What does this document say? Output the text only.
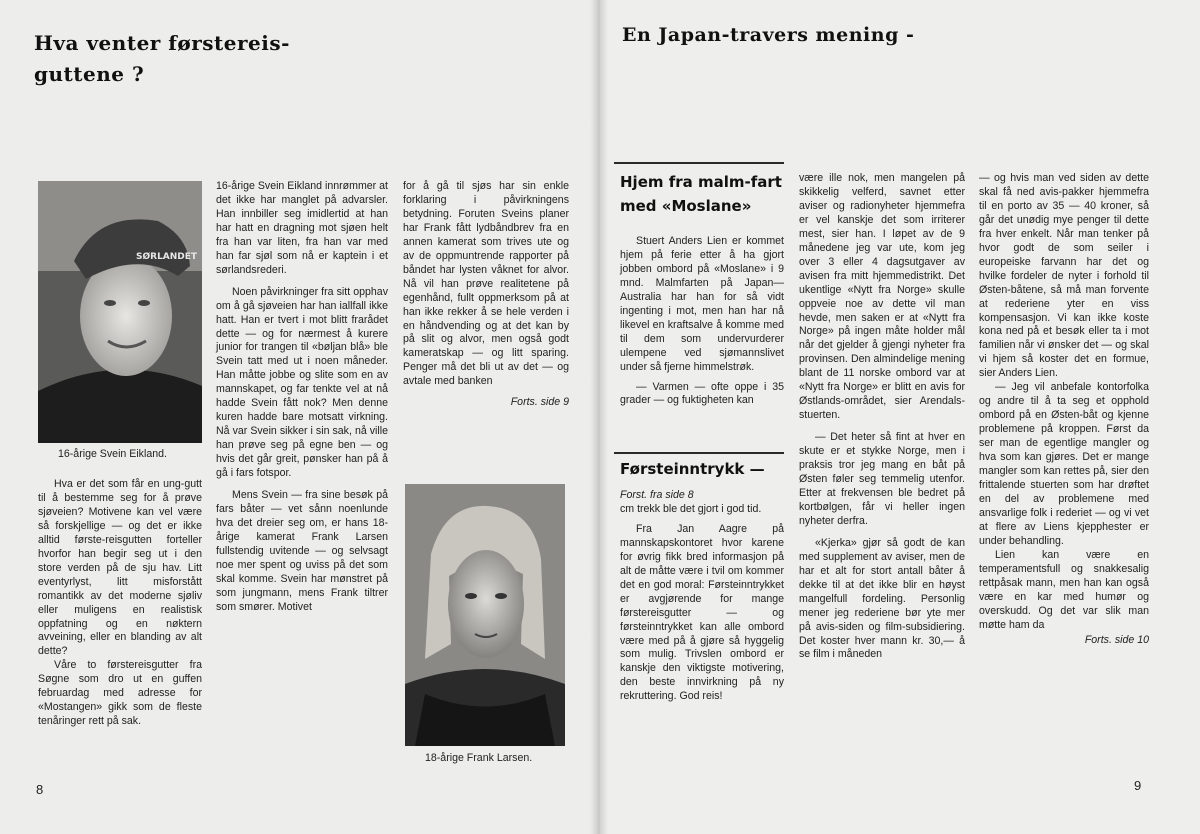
Hva venter førstereis-
guttene ?
SØRLANDET
16-årige Svein Eikland.

Hva er det som får en ung-gutt til å bestemme seg for å prøve sjøveien? Motivene kan vel være så forskjellige — og det er ikke alltid første-reisgutten forteller hvorfor han begir seg ut i den store verden på de sju hav. Litt eventyrlyst, litt misforstått romantikk av det moderne sjøliv eller muligens en realistisk oppfatning og en nøktern avveining, eller en blanding av alt dette?

Våre to førstereisgutter fra Søgne som dro ut en guffen februardag med adresse for «Mostangen» gikk som de fleste tenåringer rett på sak.

16-årige Svein Eikland innrømmer at det ikke har manglet på advarsler. Han innbiller seg imidlertid at han har hatt en dragning mot sjøen helt fra han var liten, fra han var med han far sjøl som nå er kaptein i et sørlandsrederi.

Noen påvirkninger fra sitt opphav om å gå sjøveien har han iallfall ikke hatt. Han er tvert i mot blitt frarådet dette — og for nærmest å kurere junior for trangen til «bøljan blå» ble Svein tatt med ut i noen måneder. Han måtte jobbe og slite som en av mannskapet, og far tenkte vel at nå hadde Svein fått nok? Men denne kuren hadde bare motsatt virkning. Nå var Svein sikker i sin sak, nå ville han prøve seg på egne ben — og hvis det går greit, pønsker han på å gå i fars fotspor.

Mens Svein — fra sine besøk på fars båter — vet sånn noenlunde hva det dreier seg om, er hans 18-årige kamerat Frank Larsen fullstendig uvitende — og selvsagt noe mer spent og uviss på det som skal komme. Svein har mønstret på som jungmann, mens Frank tiltrer som smører. Motivet

for å gå til sjøs har sin enkle forklaring i påvirkningens betydning. Foruten Sveins planer har Frank fått lydbåndbrev fra en annen kamerat som trives ute og av de oppmuntrende rapporter på båndet har lysten våknet for alvor. Nå vil han prøve realitetene på egenhånd, fullt oppmerksom på at han ikke rekker å se hele verden i en håndvending og at det kan by på slit og alvor, men også godt kameratskap — og litt sparing. Penger må det bli ut av det — og avtale med banken

Forts. side 9

18-årige Frank Larsen.
8
En Japan-travers mening -
Hjem fra malm-fart
med «Moslane»

Stuert Anders Lien er kommet hjem på ferie etter å ha gjort jobben ombord på «Moslane» i 9 mnd. Malmfarten på Japan—Australia har han for så vidt ingenting i mot, men han har nå likevel en kraftsalve å komme med til dem som undervurderer ulempene ved sjømannslivet under så fjerne himmelstrøk.

— Varmen — ofte oppe i 35 grader — og fuktigheten kan

Førsteinntrykk —

Forst. fra side 8

cm trekk ble det gjort i god tid.

Fra Jan Aagre på mannskapskontoret hvor karene for øvrig fikk bred informasjon på alt de måtte være i tvil om kommer det en god moral: Førsteinntrykket er avgjørende for mange førstereisgutter — og førsteinntrykket kan alle ombord være med på å gjøre så hyggelig som mulig. Trivslen ombord er kanskje den viktigste motivering, den beste innvirkning på ny rekruttering. God reis!

være ille nok, men mangelen på skikkelig velferd, savnet etter aviser og radionyheter hjemmefra er vel kanskje det som irriterer mest, sier han. I løpet av de 9 månedene jeg var ute, kom jeg over 3 eller 4 dagsutgaver av avisen fra mitt hjemmedistrikt. Det ukentlige «Nytt fra Norge» skulle oppveie noe av dette vil man hevde, men saken er at «Nytt fra Norge» på ingen måte holder mål når det gjelder å gjengi nyheter fra provinsen. Den almindelige mening blant de 11 norske ombord var at «Nytt fra Norge» er blitt en avis for Østlands-området, sier Arendals-stuerten.

— Det heter så fint at hver en skute er et stykke Norge, men i praksis tror jeg mang en båt på Østen føler seg temmelig utenfor. Etter at frekvensen ble bedret på kortbølgen, får vi heller ingen nyheter derfra.

«Kjerka» gjør så godt de kan med supplement av aviser, men de har et alt for stort antall båter å dekke til at det ikke blir en høyst mangelfull fordeling. Personlig mener jeg rederiene bør yte mer på avis-siden og film-subsidiering. Det koster hver mann kr. 30,— å se film i måneden

— og hvis man ved siden av dette skal få ned avis-pakker hjemmefra til en porto av 35 — 40 kroner, så går det unødig mye penger til dette fra hver enkelt. Når man tenker på hvor godt de som seiler i europeiske farvann har det og hvilke fordeler de nyter i forhold til Østen-båtene, så må man forvente at rederiene yter en viss kompensasjon. Vi kan ikke koste kona ned på et besøk eller ta i mot familien når vi ønsker det — og skal vi hjem så koster det en formue, sier Anders Lien.

— Jeg vil anbefale kontorfolka og andre til å ta seg et opphold ombord på en Østen-båt og kjenne problemene på kroppen. Først da ser man de egentlige mangler og hva som kan gjøres. Det er mange mangler som kan rettes på, sier den frittalende stuerten som har drøftet en del av problemene med ansvarlige folk i rederiet — og vi vet at flere av Liens kjepphester er under behandling.

Lien kan være en temperamentsfull og snakkesalig rettpåsak mann, men han kan også være en kar med humør og overskudd. Og det var slik man møtte ham da

Forts. side 10

9
